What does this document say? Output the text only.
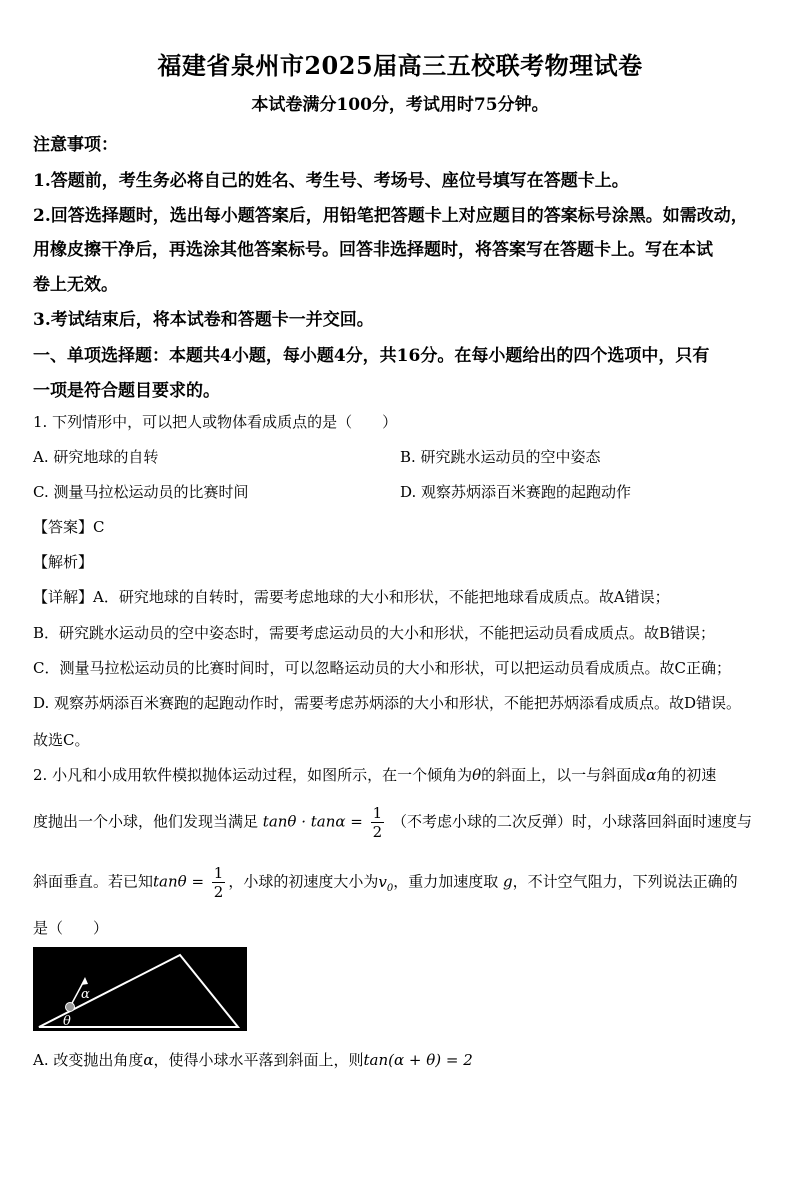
福建省泉州市2025届高三五校联考物理试卷
本试卷满分100分，考试用时75分钟。
注意事项：
1.答题前，考生务必将自己的姓名、考生号、考场号、座位号填写在答题卡上。
2.回答选择题时，选出每小题答案后，用铅笔把答题卡上对应题目的答案标号涂黑。如需改动，
用橡皮擦干净后，再选涂其他答案标号。回答非选择题时，将答案写在答题卡上。写在本试
卷上无效。
3.考试结束后，将本试卷和答题卡一并交回。
一、单项选择题：本题共4小题，每小题4分，共16分。在每小题给出的四个选项中，只有
一项是符合题目要求的。
1. 下列情形中，可以把人或物体看成质点的是（　　）
A. 研究地球的自转	B. 研究跳水运动员的空中姿态
C. 测量马拉松运动员的比赛时间	D. 观察苏炳添百米赛跑的起跑动作
【答案】C
【解析】
【详解】A．研究地球的自转时，需要考虑地球的大小和形状，不能把地球看成质点。故A错误；
B．研究跳水运动员的空中姿态时，需要考虑运动员的大小和形状，不能把运动员看成质点。故B错误；
C．测量马拉松运动员的比赛时间时，可以忽略运动员的大小和形状，可以把运动员看成质点。故C正确；
D. 观察苏炳添百米赛跑的起跑动作时，需要考虑苏炳添的大小和形状，不能把苏炳添看成质点。故D错误。
故选C。
2. 小凡和小成用软件模拟抛体运动过程，如图所示，在一个倾角为θ的斜面上，以一与斜面成α角的初速
度抛出一个小球，他们发现当满足 $\tan\theta \cdot \tan\alpha = \frac{1}{2}$ （不考虑小球的二次反弹）时，小球落回斜面时速度与
斜面垂直。若已知$\tan\theta = \frac{1}{2}$ ，小球的初速度大小为$v_0$，重力加速度取 g，不计空气阻力，下列说法正确的
是（　　）
α
θ
A. 改变抛出角度α，使得小球水平落到斜面上，则tan(α + θ) = 2
